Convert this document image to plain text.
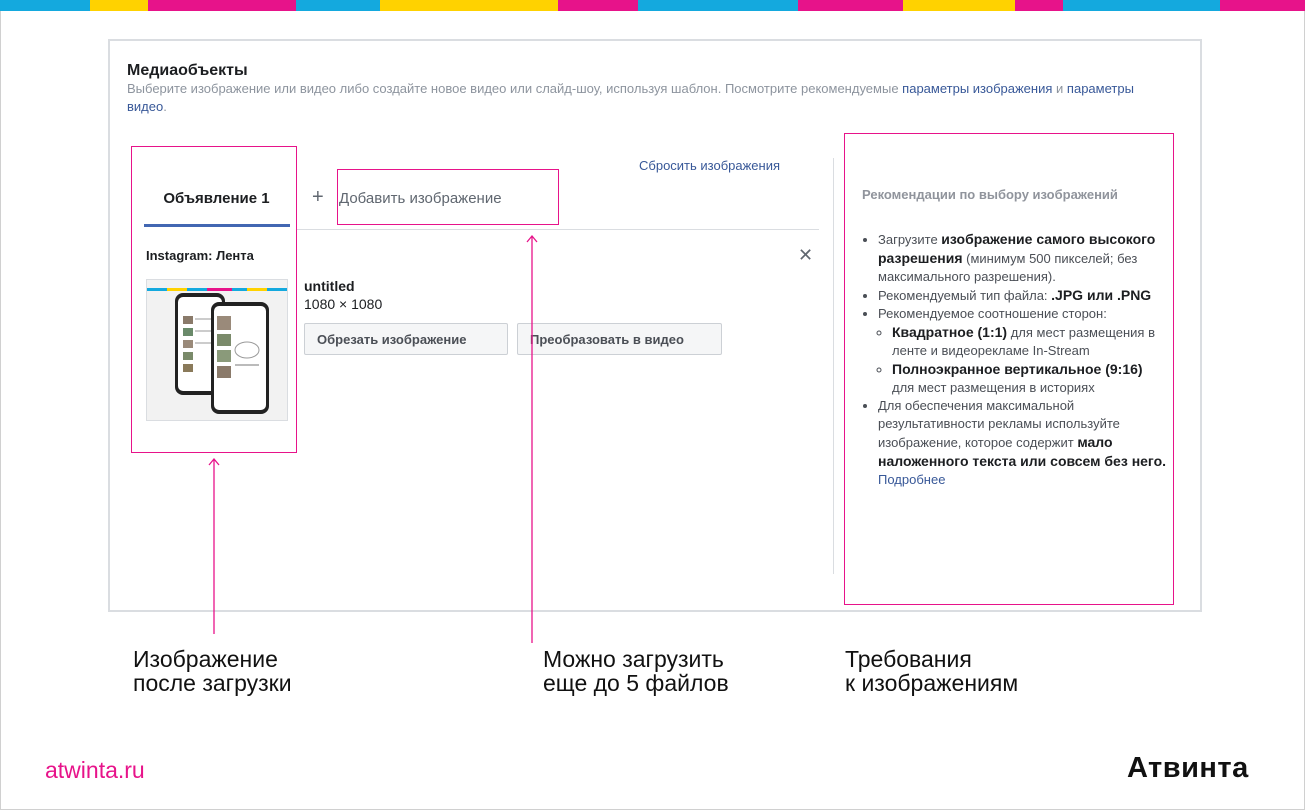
Медиаобъекты
Выберите изображение или видео либо создайте новое видео или слайд-шоу, используя шаблон. Посмотрите рекомендуемые параметры изображения и параметры видео.
Сбросить изображения
Объявление 1	+ Добавить изображение
Instagram: Лента	✕
untitled
1080 × 1080
Обрезать изображение	Преобразовать в видео
Рекомендации по выбору изображений
• Загрузите изображение самого высокого разрешения (минимум 500 пикселей; без максимального разрешения).
• Рекомендуемый тип файла: .JPG или .PNG
• Рекомендуемое соотношение сторон:
◦ Квадратное (1:1) для мест размещения в ленте и видеорекламе In-Stream
◦ Полноэкранное вертикальное (9:16) для мест размещения в историях
• Для обеспечения максимальной результативности рекламы используйте изображение, которое содержит мало наложенного текста или совсем без него.
Подробнее
Изображение
после загрузки
Можно загрузить
еще до 5 файлов
Требования
к изображениям
atwinta.ru	Атвинта
